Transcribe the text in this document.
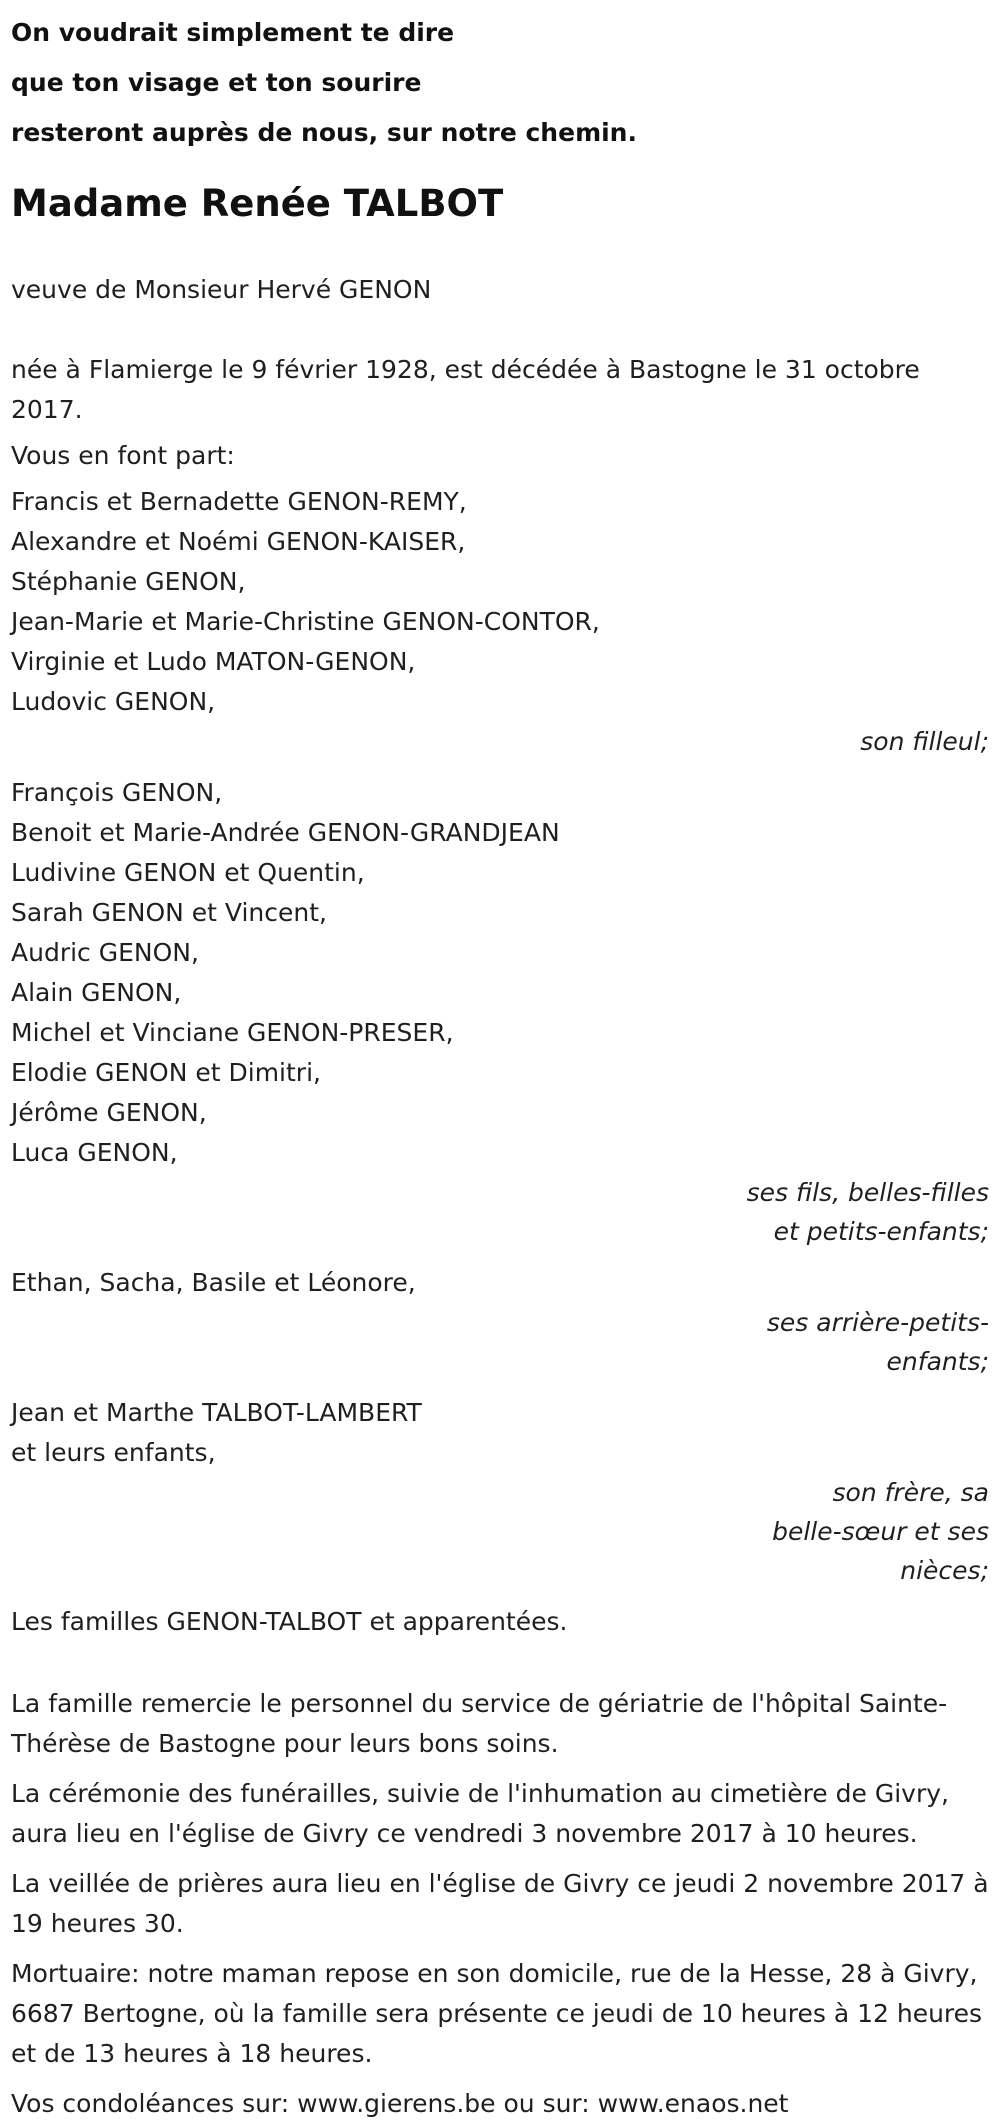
On voudrait simplement te dire
que ton visage et ton sourire
resteront auprès de nous, sur notre chemin.
Madame Renée TALBOT
veuve de Monsieur Hervé GENON
née à Flamierge le 9 février 1928, est décédée à Bastogne le 31 octobre 2017.
Vous en font part:
Francis et Bernadette GENON-REMY,
Alexandre et Noémi GENON-KAISER,
Stéphanie GENON,
Jean-Marie et Marie-Christine GENON-CONTOR,
Virginie et Ludo MATON-GENON,
Ludovic GENON,
son filleul;
François GENON,
Benoit et Marie-Andrée GENON-GRANDJEAN
Ludivine GENON et Quentin,
Sarah GENON et Vincent,
Audric GENON,
Alain GENON,
Michel et Vinciane GENON-PRESER,
Elodie GENON et Dimitri,
Jérôme GENON,
Luca GENON,
ses fils, belles-filles
et petits-enfants;
Ethan, Sacha, Basile et Léonore,
ses arrière-petits-
enfants;
Jean et Marthe TALBOT-LAMBERT
et leurs enfants,
son frère, sa
belle-sœur et ses
nièces;
Les familles GENON-TALBOT et apparentées.
La famille remercie le personnel du service de gériatrie de l'hôpital Sainte-Thérèse de Bastogne pour leurs bons soins.
La cérémonie des funérailles, suivie de l'inhumation au cimetière de Givry, aura lieu en l'église de Givry ce vendredi 3 novembre 2017 à 10 heures.
La veillée de prières aura lieu en l'église de Givry ce jeudi 2 novembre 2017 à 19 heures 30.
Mortuaire: notre maman repose en son domicile, rue de la Hesse, 28 à Givry, 6687 Bertogne, où la famille sera présente ce jeudi de 10 heures à 12 heures et de 13 heures à 18 heures.
Vos condoléances sur: www.gierens.be ou sur: www.enaos.net
